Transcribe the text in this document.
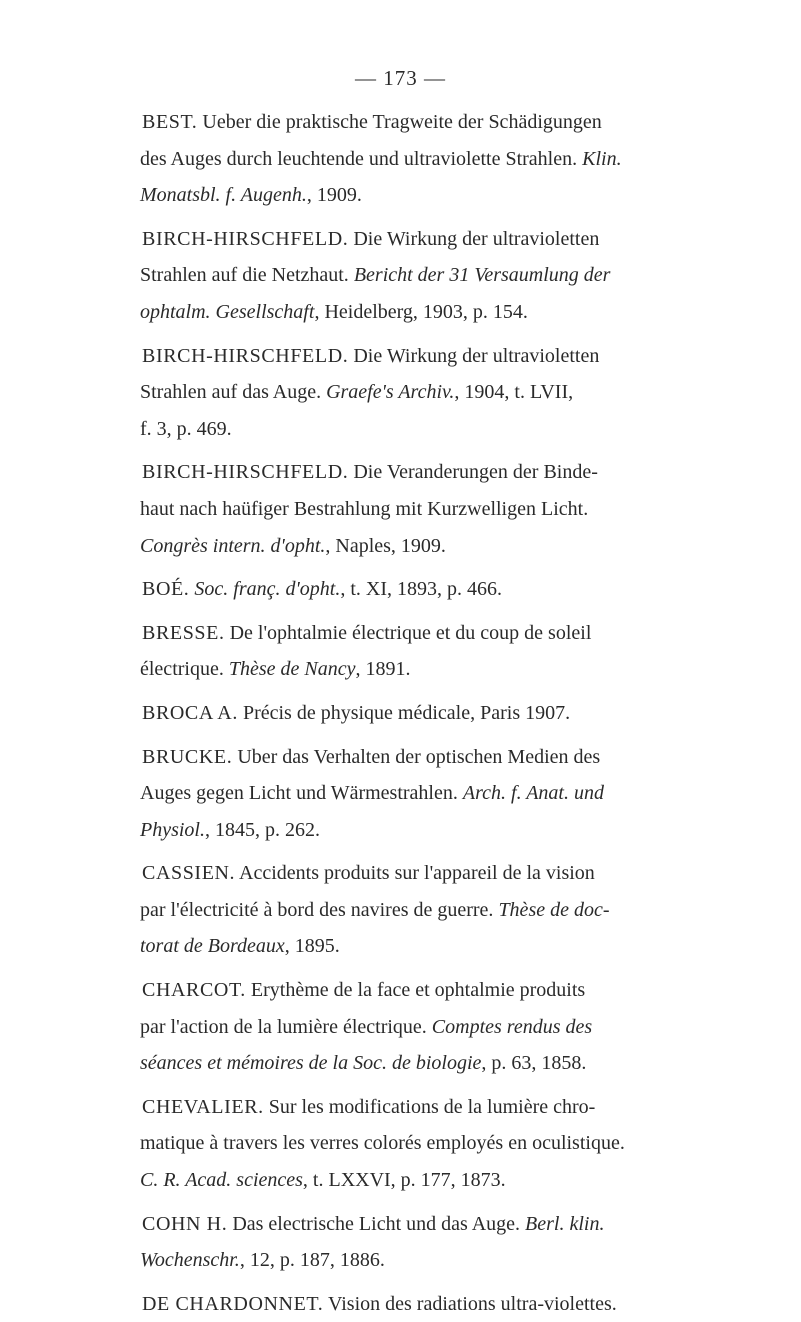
— 173 —
BEST. Ueber die praktische Tragweite der Schädigungen
des Auges durch leuchtende und ultraviolette Strahlen. Klin.
Monatsbl. f. Augenh., 1909.
BIRCH-HIRSCHFELD. Die Wirkung der ultravioletten
Strahlen auf die Netzhaut. Bericht der 31 Versaumlung der
ophtalm. Gesellschaft, Heidelberg, 1903, p. 154.
BIRCH-HIRSCHFELD. Die Wirkung der ultravioletten
Strahlen auf das Auge. Graefe's Archiv., 1904, t. LVII,
f. 3, p. 469.
BIRCH-HIRSCHFELD. Die Veranderungen der Binde-
haut nach haüfiger Bestrahlung mit Kurzwelligen Licht.
Congrès intern. d'opht., Naples, 1909.
BOÉ. Soc. franç. d'opht., t. XI, 1893, p. 466.
BRESSE. De l'ophtalmie électrique et du coup de soleil
électrique. Thèse de Nancy, 1891.
BROCA A. Précis de physique médicale, Paris 1907.
BRUCKE. Uber das Verhalten der optischen Medien des
Auges gegen Licht und Wärmestrahlen. Arch. f. Anat. und
Physiol., 1845, p. 262.
CASSIEN. Accidents produits sur l'appareil de la vision
par l'électricité à bord des navires de guerre. Thèse de doc-
torat de Bordeaux, 1895.
CHARCOT. Erythème de la face et ophtalmie produits
par l'action de la lumière électrique. Comptes rendus des
séances et mémoires de la Soc. de biologie, p. 63, 1858.
CHEVALIER. Sur les modifications de la lumière chro-
matique à travers les verres colorés employés en oculistique.
C. R. Acad. sciences, t. LXXVI, p. 177, 1873.
COHN H. Das electrische Licht und das Auge. Berl. klin.
Wochenschr., 12, p. 187, 1886.
DE CHARDONNET. Vision des radiations ultra-violettes.
